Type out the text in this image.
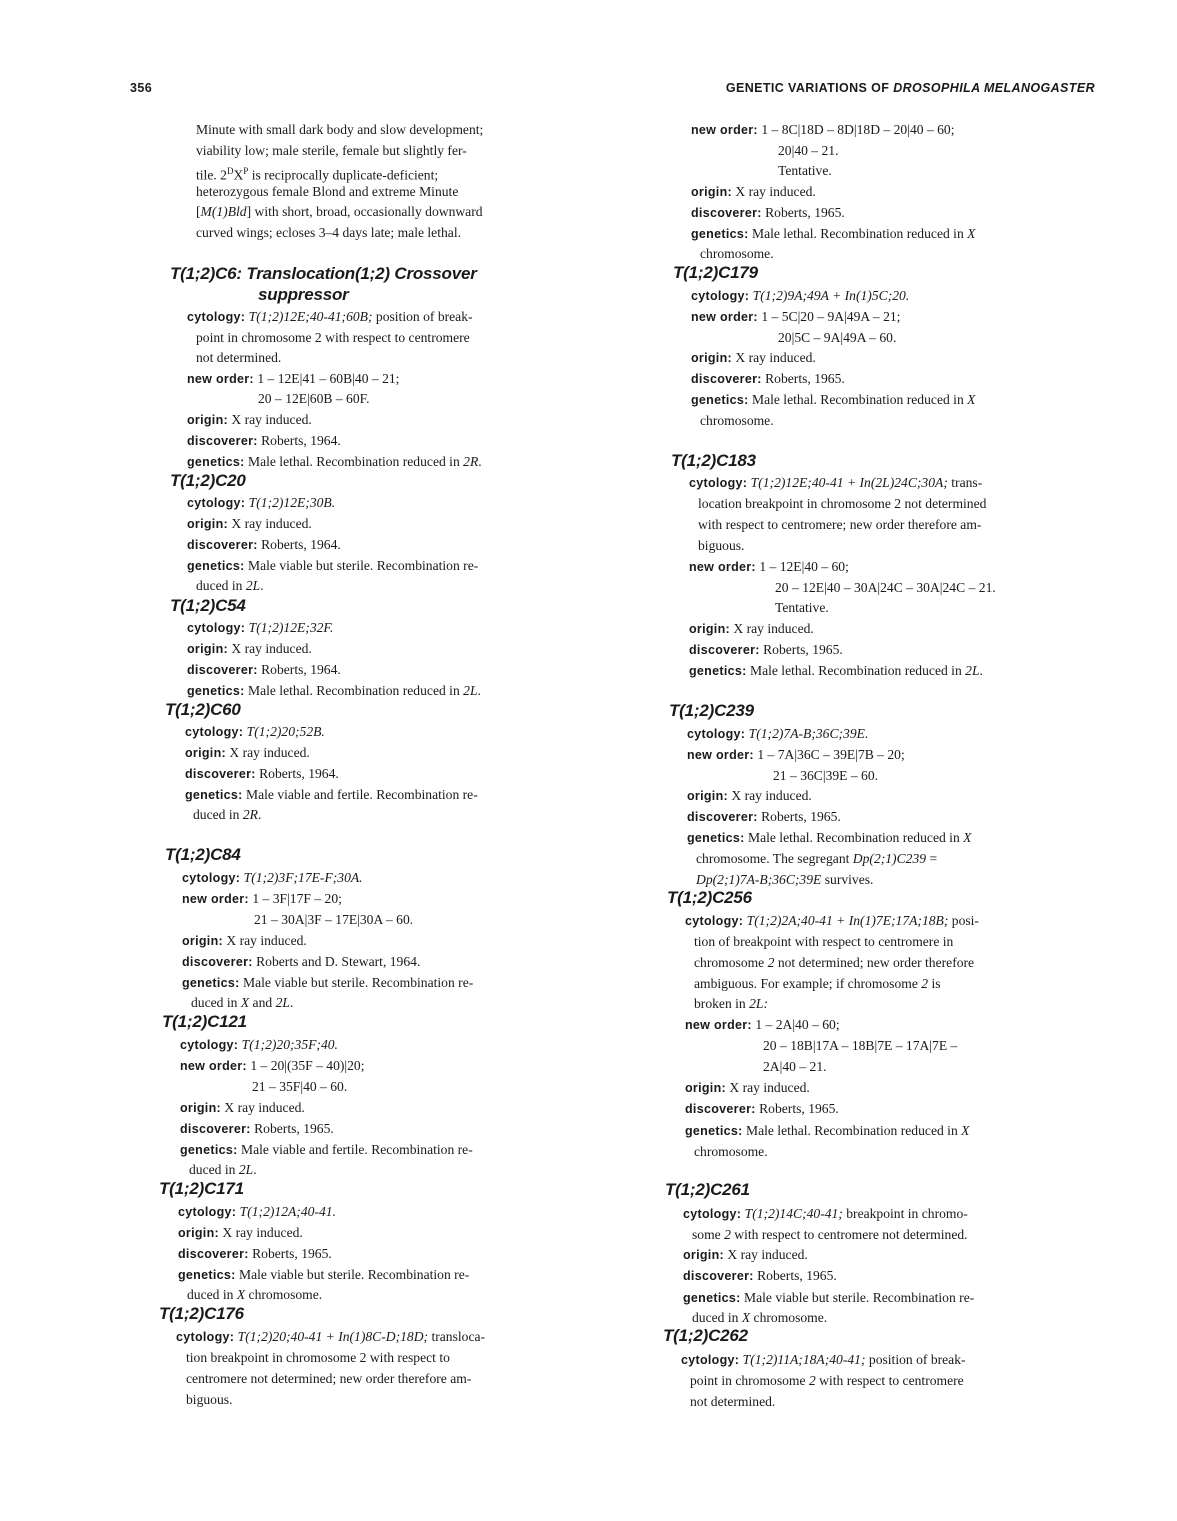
356	GENETIC VARIATIONS OF DROSOPHILA MELANOGASTER
Minute with small dark body and slow development;
viability low; male sterile, female but slightly fer-
tile. $2^DX^P$ is reciprocally duplicate-deficient;
heterozygous female Blond and extreme Minute
[M(1)Bld] with short, broad, occasionally downward
curved wings; ecloses 3–4 days late; male lethal.
T(1;2)C6: Translocation(1;2) Crossover
suppressor
cytology: T(1;2)12E;40-41;60B; position of break-
point in chromosome 2 with respect to centromere
not determined.
new order: 1 – 12E|41 – 60B|40 – 21;
20 – 12E|60B – 60F.
origin: X ray induced.
discoverer: Roberts, 1964.
genetics: Male lethal. Recombination reduced in 2R.
T(1;2)C20
cytology: T(1;2)12E;30B.
origin: X ray induced.
discoverer: Roberts, 1964.
genetics: Male viable but sterile. Recombination re-
duced in 2L.
T(1;2)C54
cytology: T(1;2)12E;32F.
origin: X ray induced.
discoverer: Roberts, 1964.
genetics: Male lethal. Recombination reduced in 2L.
T(1;2)C60
cytology: T(1;2)20;52B.
origin: X ray induced.
discoverer: Roberts, 1964.
genetics: Male viable and fertile. Recombination re-
duced in 2R.
T(1;2)C84
cytology: T(1;2)3F;17E-F;30A.
new order: 1 – 3F|17F – 20;
21 – 30A|3F – 17E|30A – 60.
origin: X ray induced.
discoverer: Roberts and D. Stewart, 1964.
genetics: Male viable but sterile. Recombination re-
duced in X and 2L.
T(1;2)C121
cytology: T(1;2)20;35F;40.
new order: 1 – 20|(35F – 40)|20;
21 – 35F|40 – 60.
origin: X ray induced.
discoverer: Roberts, 1965.
genetics: Male viable and fertile. Recombination re-
duced in 2L.
T(1;2)C171
cytology: T(1;2)12A;40-41.
origin: X ray induced.
discoverer: Roberts, 1965.
genetics: Male viable but sterile. Recombination re-
duced in X chromosome.
T(1;2)C176
cytology: T(1;2)20;40-41 + In(1)8C-D;18D; transloca-
tion breakpoint in chromosome 2 with respect to
centromere not determined; new order therefore am-
biguous.
new order: 1 – 8C|18D – 8D|18D – 20|40 – 60;
20|40 – 21.
Tentative.
origin: X ray induced.
discoverer: Roberts, 1965.
genetics: Male lethal. Recombination reduced in X
chromosome.
T(1;2)C179
cytology: T(1;2)9A;49A + In(1)5C;20.
new order: 1 – 5C|20 – 9A|49A – 21;
20|5C – 9A|49A – 60.
origin: X ray induced.
discoverer: Roberts, 1965.
genetics: Male lethal. Recombination reduced in X
chromosome.
T(1;2)C183
cytology: T(1;2)12E;40-41 + In(2L)24C;30A; trans-
location breakpoint in chromosome 2 not determined
with respect to centromere; new order therefore am-
biguous.
new order: 1 – 12E|40 – 60;
20 – 12E|40 – 30A|24C – 30A|24C – 21.
Tentative.
origin: X ray induced.
discoverer: Roberts, 1965.
genetics: Male lethal. Recombination reduced in 2L.
T(1;2)C239
cytology: T(1;2)7A-B;36C;39E.
new order: 1 – 7A|36C – 39E|7B – 20;
21 – 36C|39E – 60.
origin: X ray induced.
discoverer: Roberts, 1965.
genetics: Male lethal. Recombination reduced in X
chromosome. The segregant Dp(2;1)C239 =
Dp(2;1)7A-B;36C;39E survives.
T(1;2)C256
cytology: T(1;2)2A;40-41 + In(1)7E;17A;18B; posi-
tion of breakpoint with respect to centromere in
chromosome 2 not determined; new order therefore
ambiguous. For example; if chromosome 2 is
broken in 2L:
new order: 1 – 2A|40 – 60;
20 – 18B|17A – 18B|7E – 17A|7E –
2A|40 – 21.
origin: X ray induced.
discoverer: Roberts, 1965.
genetics: Male lethal. Recombination reduced in X
chromosome.
T(1;2)C261
cytology: T(1;2)14C;40-41; breakpoint in chromo-
some 2 with respect to centromere not determined.
origin: X ray induced.
discoverer: Roberts, 1965.
genetics: Male viable but sterile. Recombination re-
duced in X chromosome.
T(1;2)C262
cytology: T(1;2)11A;18A;40-41; position of break-
point in chromosome 2 with respect to centromere
not determined.
